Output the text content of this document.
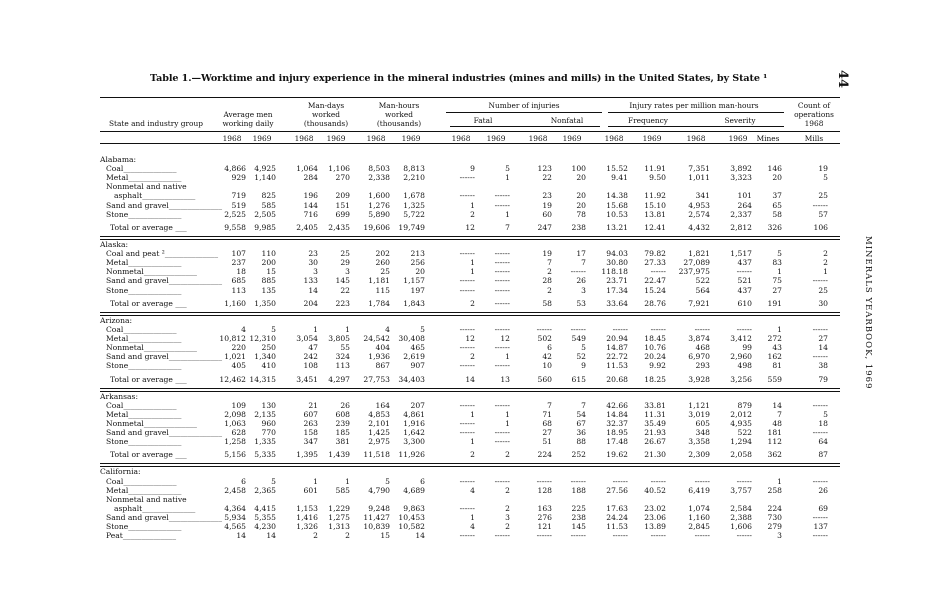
Table 1.—Worktime and injury experience in the mineral industries (mines and mills) in the United States, by State ¹	44
MINERALS YEARBOOK, 1969
State and industry group
Average men working daily
Man-days worked (thousands)
Man-hours worked (thousands)
Number of injuries
Fatal	Nonfatal
Injury rates per million man-hours
Frequency	Severity
Count of operations 1968
1968	1969	1968	1969	1968	1969	1968	1969	1968	1969	1968	1969	1968	1969	Mines	Mills
Alabama:
Coal______________	4,866	4,925	1,064	1,106	8,503	8,813	9	5	123	100	15.52	11.91	7,351	3,892	146	19
Metal______________	929	1,140	284	270	2,338	2,210	------	1	22	20	9.41	9.50	1,011	3,323	20	5
Nonmetal and native
asphalt______________	719	825	196	209	1,600	1,678	------	------	23	20	14.38	11.92	341	101	37	25
Sand and gravel______________	519	585	144	151	1,276	1,325	1	------	19	20	15.68	15.10	4,953	264	65	------
Stone______________	2,525	2,505	716	699	5,890	5,722	2	1	60	78	10.53	13.81	2,574	2,337	58	57
Total or average ___	9,558	9,985	2,405	2,435	19,606	19,749	12	7	247	238	13.21	12.41	4,432	2,812	326	106
Alaska:
Coal and peat ²______________	107	110	23	25	202	213	------	------	19	17	94.03	79.82	1,821	1,517	5	2
Metal______________	237	200	30	29	260	256	1	------	7	7	30.80	27.33	27,089	437	83	2
Nonmetal______________	18	15	3	3	25	20	1	------	2	------	118.18	------	237,975	------	1	1
Sand and gravel______________	685	885	133	145	1,181	1,157	------	------	28	26	23.71	22.47	522	521	75	------
Stone______________	113	135	14	22	115	197	------	------	2	3	17.34	15.24	564	437	27	25
Total or average ___	1,160	1,350	204	223	1,784	1,843	2	------	58	53	33.64	28.76	7,921	610	191	30
Arizona:
Coal______________	4	5	1	1	4	5	------	------	------	------	------	------	------	------	1	------
Metal______________	10,812 12,310	3,054	3,805	24,542	30,408	12	12	502	549	20.94	18.45	3,874	3,412	272	27
Nonmetal______________	220	250	47	55	404	465	------	------	6	5	14.87	10.76	468	99	43	14
Sand and gravel______________ 1,021	1,340	242	324	1,936	2,619	2	1	42	52	22.72	20.24	6,970	2,960	162	------
Stone______________	405	410	108	113	867	907	------	------	10	9	11.53	9.92	293	498	81	38
Total or average ___	12,462 14,315	3,451	4,297	27,753	34,403	14	13	560	615	20.68	18.25	3,928	3,256	559	79
Arkansas:
Coal______________	109	130	21	26	164	207	------	------	7	7	42.66	33.81	1,121	879	14	------
Metal______________	2,098	2,135	607	608	4,853	4,861	1	1	71	54	14.84	11.31	3,019	2,012	7	5
Nonmetal______________	1,063	960	263	239	2,101	1,916	------	1	68	67	32.37	35.49	605	4,935	48	18
Sand and gravel______________	628	770	158	185	1,425	1,642	------	------	27	36	18.95	21.93	348	522	181	------
Stone______________	1,258	1,335	347	381	2,975	3,300	1	------	51	88	17.48	26.67	3,358	1,294	112	64
Total or average ___	5,156	5,335	1,395	1,439	11,518	11,926	2	2	224	252	19.62	21.30	2,309	2,058	362	87
California:
Coal______________	6	5	1	1	5	6	------	------	------	------	------	------	------	------	1	------
Metal______________	2,458	2,365	601	585	4,790	4,689	4	2	128	188	27.56	40.52	6,419	3,757	258	26
Nonmetal and native
asphalt______________	4,364	4,415	1,153	1,229	9,248	9,863	------	2	163	225	17.63	23.02	1,074	2,584	224	69
Sand and gravel______________ 5,934	5,355	1,416	1,275	11,427	10,453	1	3	276	238	24.24	23.06	1,160	2,388	730	------
Stone______________	4,565	4,230	1,326	1,313	10,839	10,582	4	2	121	145	11.53	13.89	2,845	1,606	279	137
Peat______________	14	14	2	2	15	14	------	------	------	------	------	------	------	------	3	------
